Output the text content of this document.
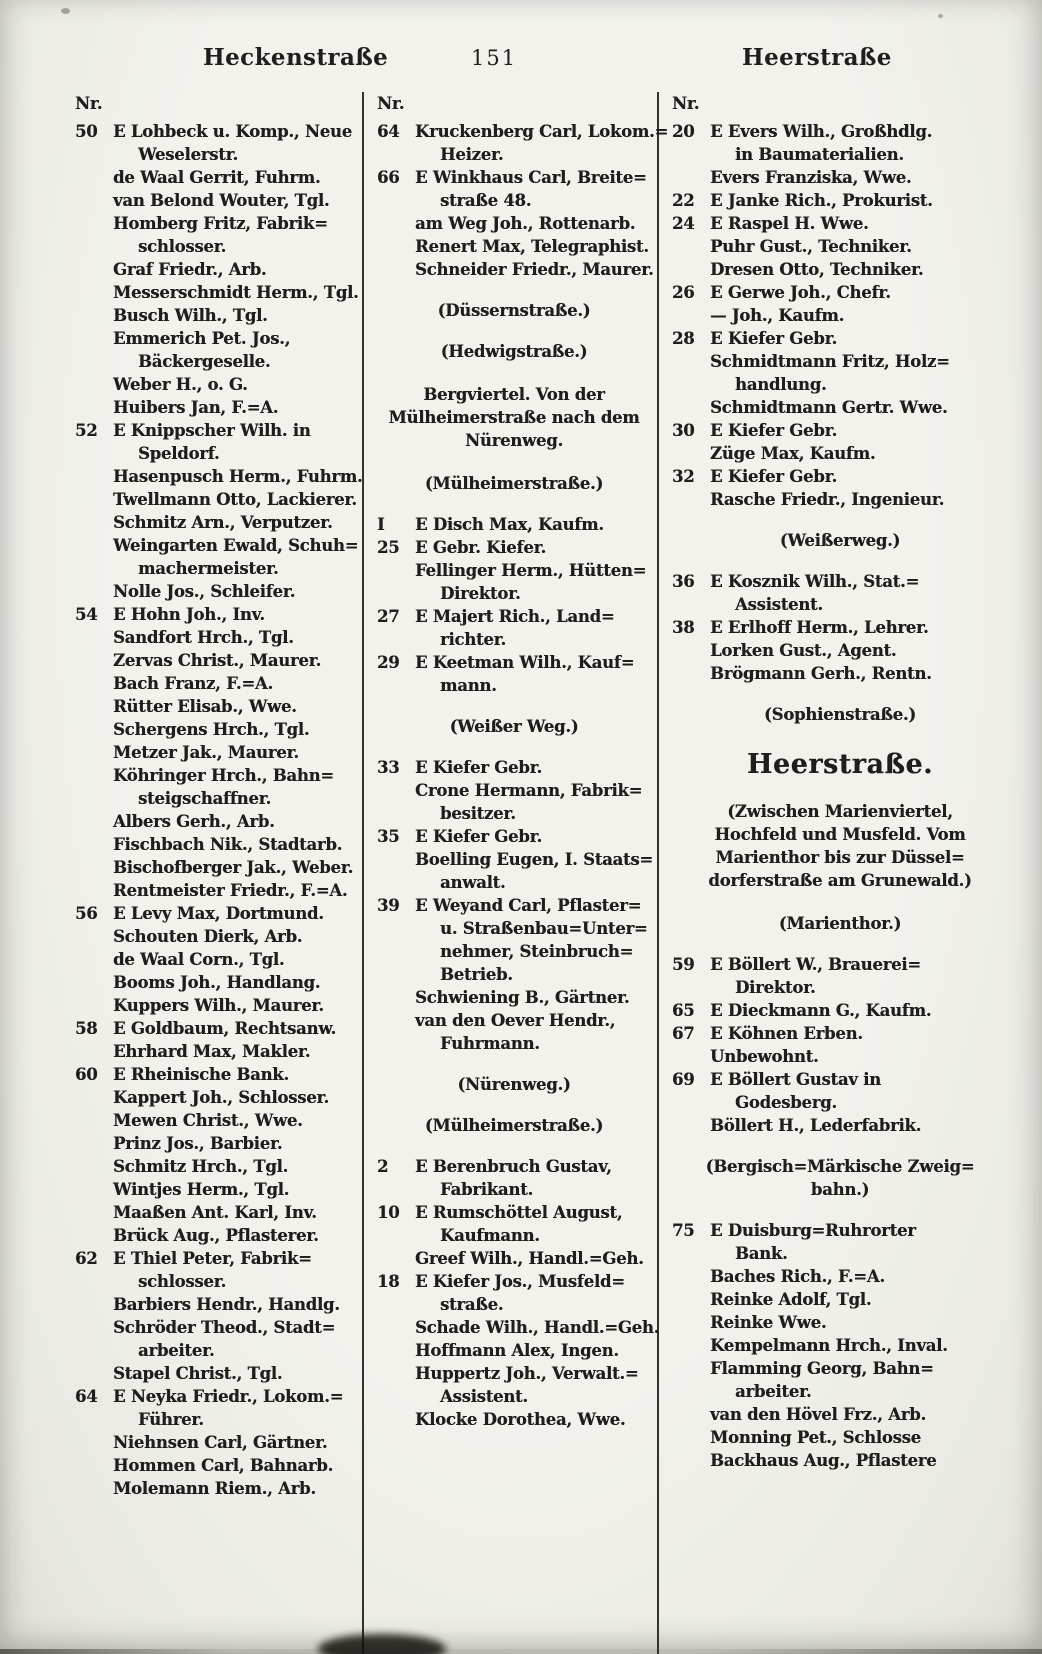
Heckenstraße	151	Heerstraße
Nr.
50 E Lohbeck u. Komp., Neue
Weselerstr.
de Waal Gerrit, Fuhrm.
van Belond Wouter, Tgl.
Homberg Fritz, Fabrik=
schlosser.
Graf Friedr., Arb.
Messerschmidt Herm., Tgl.
Busch Wilh., Tgl.
Emmerich Pet. Jos.,
Bäckergeselle.
Weber H., o. G.
Huibers Jan, F.=A.
52 E Knippscher Wilh. in
Speldorf.
Hasenpusch Herm., Fuhrm.
Twellmann Otto, Lackierer.
Schmitz Arn., Verputzer.
Weingarten Ewald, Schuh=
machermeister.
Nolle Jos., Schleifer.
54 E Hohn Joh., Inv.
Sandfort Hrch., Tgl.
Zervas Christ., Maurer.
Bach Franz, F.=A.
Rütter Elisab., Wwe.
Schergens Hrch., Tgl.
Metzer Jak., Maurer.
Köhringer Hrch., Bahn=
steigschaffner.
Albers Gerh., Arb.
Fischbach Nik., Stadtarb.
Bischofberger Jak., Weber.
Rentmeister Friedr., F.=A.
56 E Levy Max, Dortmund.
Schouten Dierk, Arb.
de Waal Corn., Tgl.
Booms Joh., Handlang.
Kuppers Wilh., Maurer.
58 E Goldbaum, Rechtsanw.
Ehrhard Max, Makler.
60 E Rheinische Bank.
Kappert Joh., Schlosser.
Mewen Christ., Wwe.
Prinz Jos., Barbier.
Schmitz Hrch., Tgl.
Wintjes Herm., Tgl.
Maaßen Ant. Karl, Inv.
Brück Aug., Pflasterer.
62 E Thiel Peter, Fabrik=
schlosser.
Barbiers Hendr., Handlg.
Schröder Theod., Stadt=
arbeiter.
Stapel Christ., Tgl.
64 E Neyka Friedr., Lokom.=
Führer.
Niehnsen Carl, Gärtner.
Hommen Carl, Bahnarb.
Molemann Riem., Arb.
Nr.
64 Kruckenberg Carl, Lokom.=
Heizer.
66 E Winkhaus Carl, Breite=
straße 48.
am Weg Joh., Rottenarb.
Renert Max, Telegraphist.
Schneider Friedr., Maurer.
(Düssernstraße.)
(Hedwigstraße.)
Bergviertel. Von der
Mülheimerstraße nach dem
Nürenweg.
(Mülheimerstraße.)
I	E Disch Max, Kaufm.
25 E Gebr. Kiefer.
Fellinger Herm., Hütten=
Direktor.
27 E Majert Rich., Land=
richter.
29 E Keetman Wilh., Kauf=
mann.
(Weißer Weg.)
33 E Kiefer Gebr.
Crone Hermann, Fabrik=
besitzer.
35 E Kiefer Gebr.
Boelling Eugen, I. Staats=
anwalt.
39 E Weyand Carl, Pflaster=
u. Straßenbau=Unter=
nehmer, Steinbruch=
Betrieb.
Schwiening B., Gärtner.
van den Oever Hendr.,
Fuhrmann.
(Nürenweg.)
(Mülheimerstraße.)
2	E Berenbruch Gustav,
Fabrikant.
10 E Rumschöttel August,
Kaufmann.
Greef Wilh., Handl.=Geh.
18 E Kiefer Jos., Musfeld=
straße.
Schade Wilh., Handl.=Geh.
Hoffmann Alex, Ingen.
Huppertz Joh., Verwalt.=
Assistent.
Klocke Dorothea, Wwe.
Nr.
20 E Evers Wilh., Großhdlg.
in Baumaterialien.
Evers Franziska, Wwe.
22 E Janke Rich., Prokurist.
24 E Raspel H. Wwe.
Puhr Gust., Techniker.
Dresen Otto, Techniker.
26 E Gerwe Joh., Chefr.
— Joh., Kaufm.
28 E Kiefer Gebr.
Schmidtmann Fritz, Holz=
handlung.
Schmidtmann Gertr. Wwe.
30 E Kiefer Gebr.
Züge Max, Kaufm.
32 E Kiefer Gebr.
Rasche Friedr., Ingenieur.
(Weißerweg.)
36 E Kosznik Wilh., Stat.=
Assistent.
38 E Erlhoff Herm., Lehrer.
Lorken Gust., Agent.
Brögmann Gerh., Rentn.
(Sophienstraße.)
Heerstraße.
(Zwischen Marienviertel,
Hochfeld und Musfeld. Vom
Marienthor bis zur Düssel=
dorferstraße am Grunewald.)
(Marienthor.)
59 E Böllert W., Brauerei=
Direktor.
65 E Dieckmann G., Kaufm.
67 E Köhnen Erben.
Unbewohnt.
69 E Böllert Gustav in
Godesberg.
Böllert H., Lederfabrik.
(Bergisch=Märkische Zweig=
bahn.)
75 E Duisburg=Ruhrorter
Bank.
Baches Rich., F.=A.
Reinke Adolf, Tgl.
Reinke Wwe.
Kempelmann Hrch., Inval.
Flamming Georg, Bahn=
arbeiter.
van den Hövel Frz., Arb.
Monning Pet., Schlosse
Backhaus Aug., Pflastere
